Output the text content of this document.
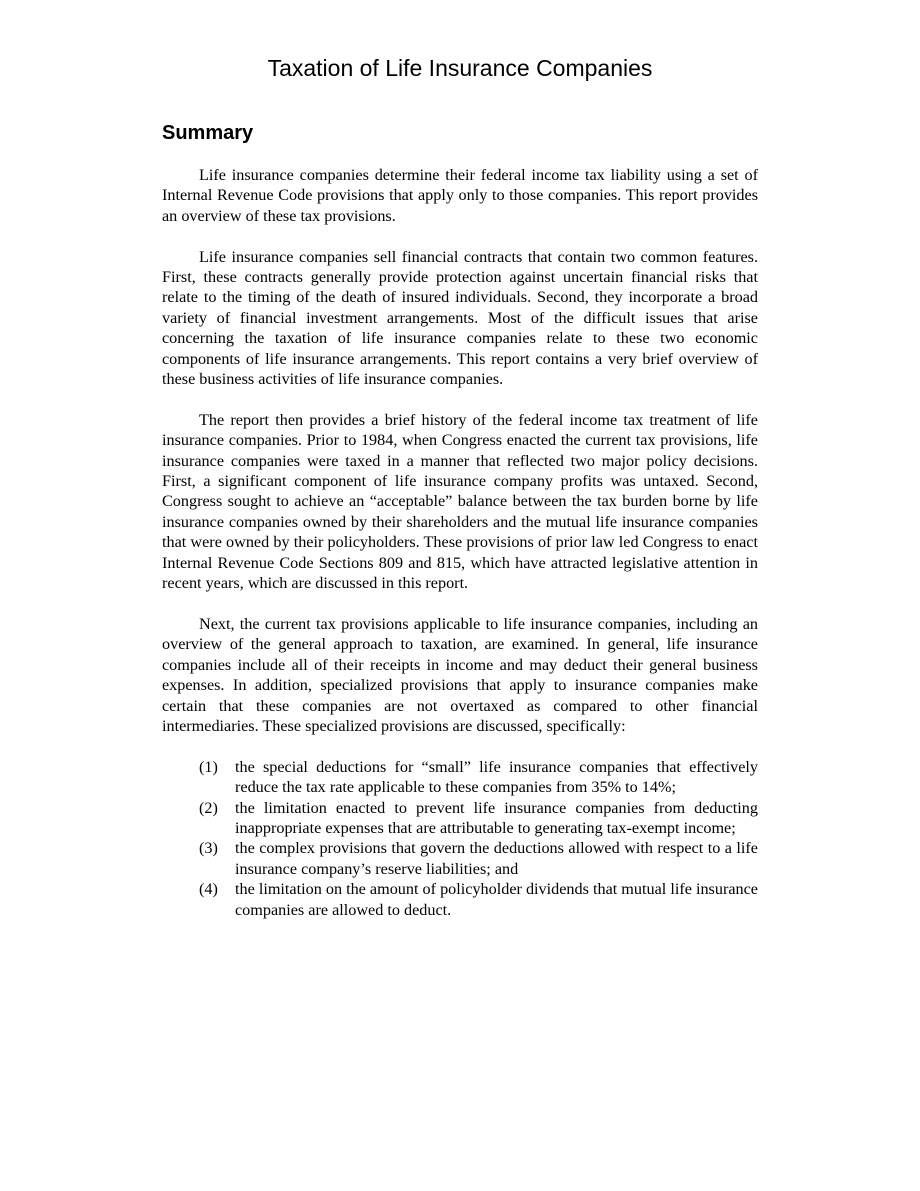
Taxation of Life Insurance Companies
Summary

Life insurance companies determine their federal income tax liability using a set of Internal Revenue Code provisions that apply only to those companies. This report provides an overview of these tax provisions.

Life insurance companies sell financial contracts that contain two common features. First, these contracts generally provide protection against uncertain financial risks that relate to the timing of the death of insured individuals. Second, they incorporate a broad variety of financial investment arrangements. Most of the difficult issues that arise concerning the taxation of life insurance companies relate to these two economic components of life insurance arrangements. This report contains a very brief overview of these business activities of life insurance companies.

The report then provides a brief history of the federal income tax treatment of life insurance companies. Prior to 1984, when Congress enacted the current tax provisions, life insurance companies were taxed in a manner that reflected two major policy decisions. First, a significant component of life insurance company profits was untaxed. Second, Congress sought to achieve an “acceptable” balance between the tax burden borne by life insurance companies owned by their shareholders and the mutual life insurance companies that were owned by their policyholders. These provisions of prior law led Congress to enact Internal Revenue Code Sections 809 and 815, which have attracted legislative attention in recent years, which are discussed in this report.

Next, the current tax provisions applicable to life insurance companies, including an overview of the general approach to taxation, are examined. In general, life insurance companies include all of their receipts in income and may deduct their general business expenses. In addition, specialized provisions that apply to insurance companies make certain that these companies are not overtaxed as compared to other financial intermediaries. These specialized provisions are discussed, specifically:

(1)	the special deductions for “small” life insurance companies that effectively reduce the tax rate applicable to these companies from 35% to 14%;
(2)	the limitation enacted to prevent life insurance companies from deducting inappropriate expenses that are attributable to generating tax-exempt income;
(3)	the complex provisions that govern the deductions allowed with respect to a life insurance company’s reserve liabilities; and
(4)	the limitation on the amount of policyholder dividends that mutual life insurance companies are allowed to deduct.
